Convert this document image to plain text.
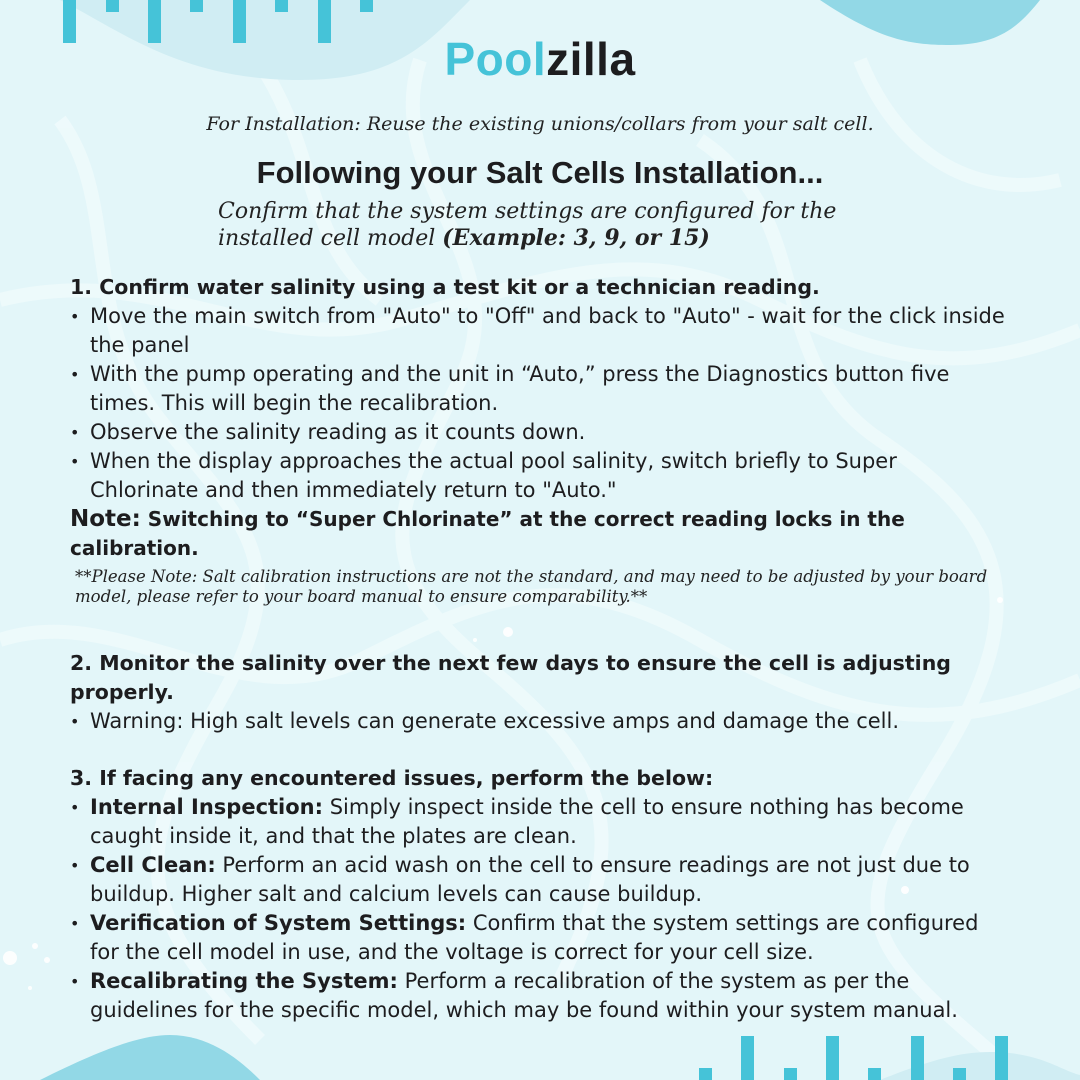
Poolzilla
For Installation: Reuse the existing unions/collars from your salt cell.
Following your Salt Cells Installation...
Confirm that the system settings are configured for the installed cell model (Example: 3, 9, or 15)
1. Confirm water salinity using a test kit or a technician reading.
• Move the main switch from "Auto" to "Off" and back to "Auto" - wait for the click inside the panel
• With the pump operating and the unit in “Auto,” press the Diagnostics button five times. This will begin the recalibration.
• Observe the salinity reading as it counts down.
• When the display approaches the actual pool salinity, switch briefly to Super Chlorinate and then immediately return to "Auto."
Note: Switching to “Super Chlorinate” at the correct reading locks in the calibration.
**Please Note: Salt calibration instructions are not the standard, and may need to be adjusted by your board model, please refer to your board manual to ensure comparability.**
2. Monitor the salinity over the next few days to ensure the cell is adjusting properly.
• Warning: High salt levels can generate excessive amps and damage the cell.
3. If facing any encountered issues, perform the below:
• Internal Inspection: Simply inspect inside the cell to ensure nothing has become caught inside it, and that the plates are clean.
• Cell Clean: Perform an acid wash on the cell to ensure readings are not just due to buildup. Higher salt and calcium levels can cause buildup.
• Verification of System Settings: Confirm that the system settings are configured for the cell model in use, and the voltage is correct for your cell size.
• Recalibrating the System: Perform a recalibration of the system as per the guidelines for the specific model, which may be found within your system manual.
